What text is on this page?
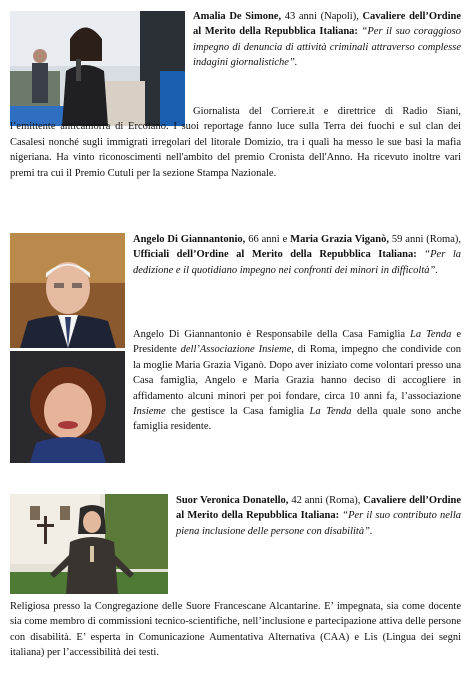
Amalia De Simone, 43 anni (Napoli), Cavaliere dell’Ordine al Merito della Repubblica Italiana: “Per il suo coraggioso impegno di denuncia di attività criminali attraverso complesse indagini giornalistiche”.

Giornalista del Corriere.it e direttrice di Radio Siani, l’emittente anticamorra di Ercolano. I suoi reportage fanno luce sulla Terra dei fuochi e sul clan dei Casalesi nonché sugli immigrati irregolari del litorale Domizio, tra i quali ha messo le sue basi la mafia nigeriana. Ha vinto riconoscimenti nell'ambito del premio Cronista dell'Anno. Ha ricevuto inoltre vari premi tra cui il Premio Cutuli per la sezione Stampa Nazionale.

Angelo Di Giannantonio, 66 anni e Maria Grazia Viganò, 59 anni (Roma), Ufficiali dell’Ordine al Merito della Repubblica Italiana: “Per la dedizione e il quotidiano impegno nei confronti dei minori in difficoltà”.

Angelo Di Giannantonio è Responsabile della Casa Famiglia La Tenda e Presidente dell’Associazione Insieme, di Roma, impegno che condivide con la moglie Maria Grazia Viganò. Dopo aver iniziato come volontari presso una Casa famiglia, Angelo e Maria Grazia hanno deciso di accogliere in affidamento alcuni minori per poi fondare, circa 10 anni fa, l’associazione Insieme che gestisce la Casa famiglia La Tenda della quale sono anche famiglia residente.

Suor Veronica Donatello, 42 anni (Roma), Cavaliere dell’Ordine al Merito della Repubblica Italiana: “Per il suo contributo nella piena inclusione delle persone con disabilità”.

Religiosa presso la Congregazione delle Suore Francescane Alcantarine. E’ impegnata, sia come docente sia come membro di commissioni tecnico-scientifiche, nell’inclusione e partecipazione attiva delle persone con disabilità. E’ esperta in Comunicazione Aumentativa Alternativa (CAA) e Lis (Lingua dei segni italiana) per l’accessibilità dei testi.
